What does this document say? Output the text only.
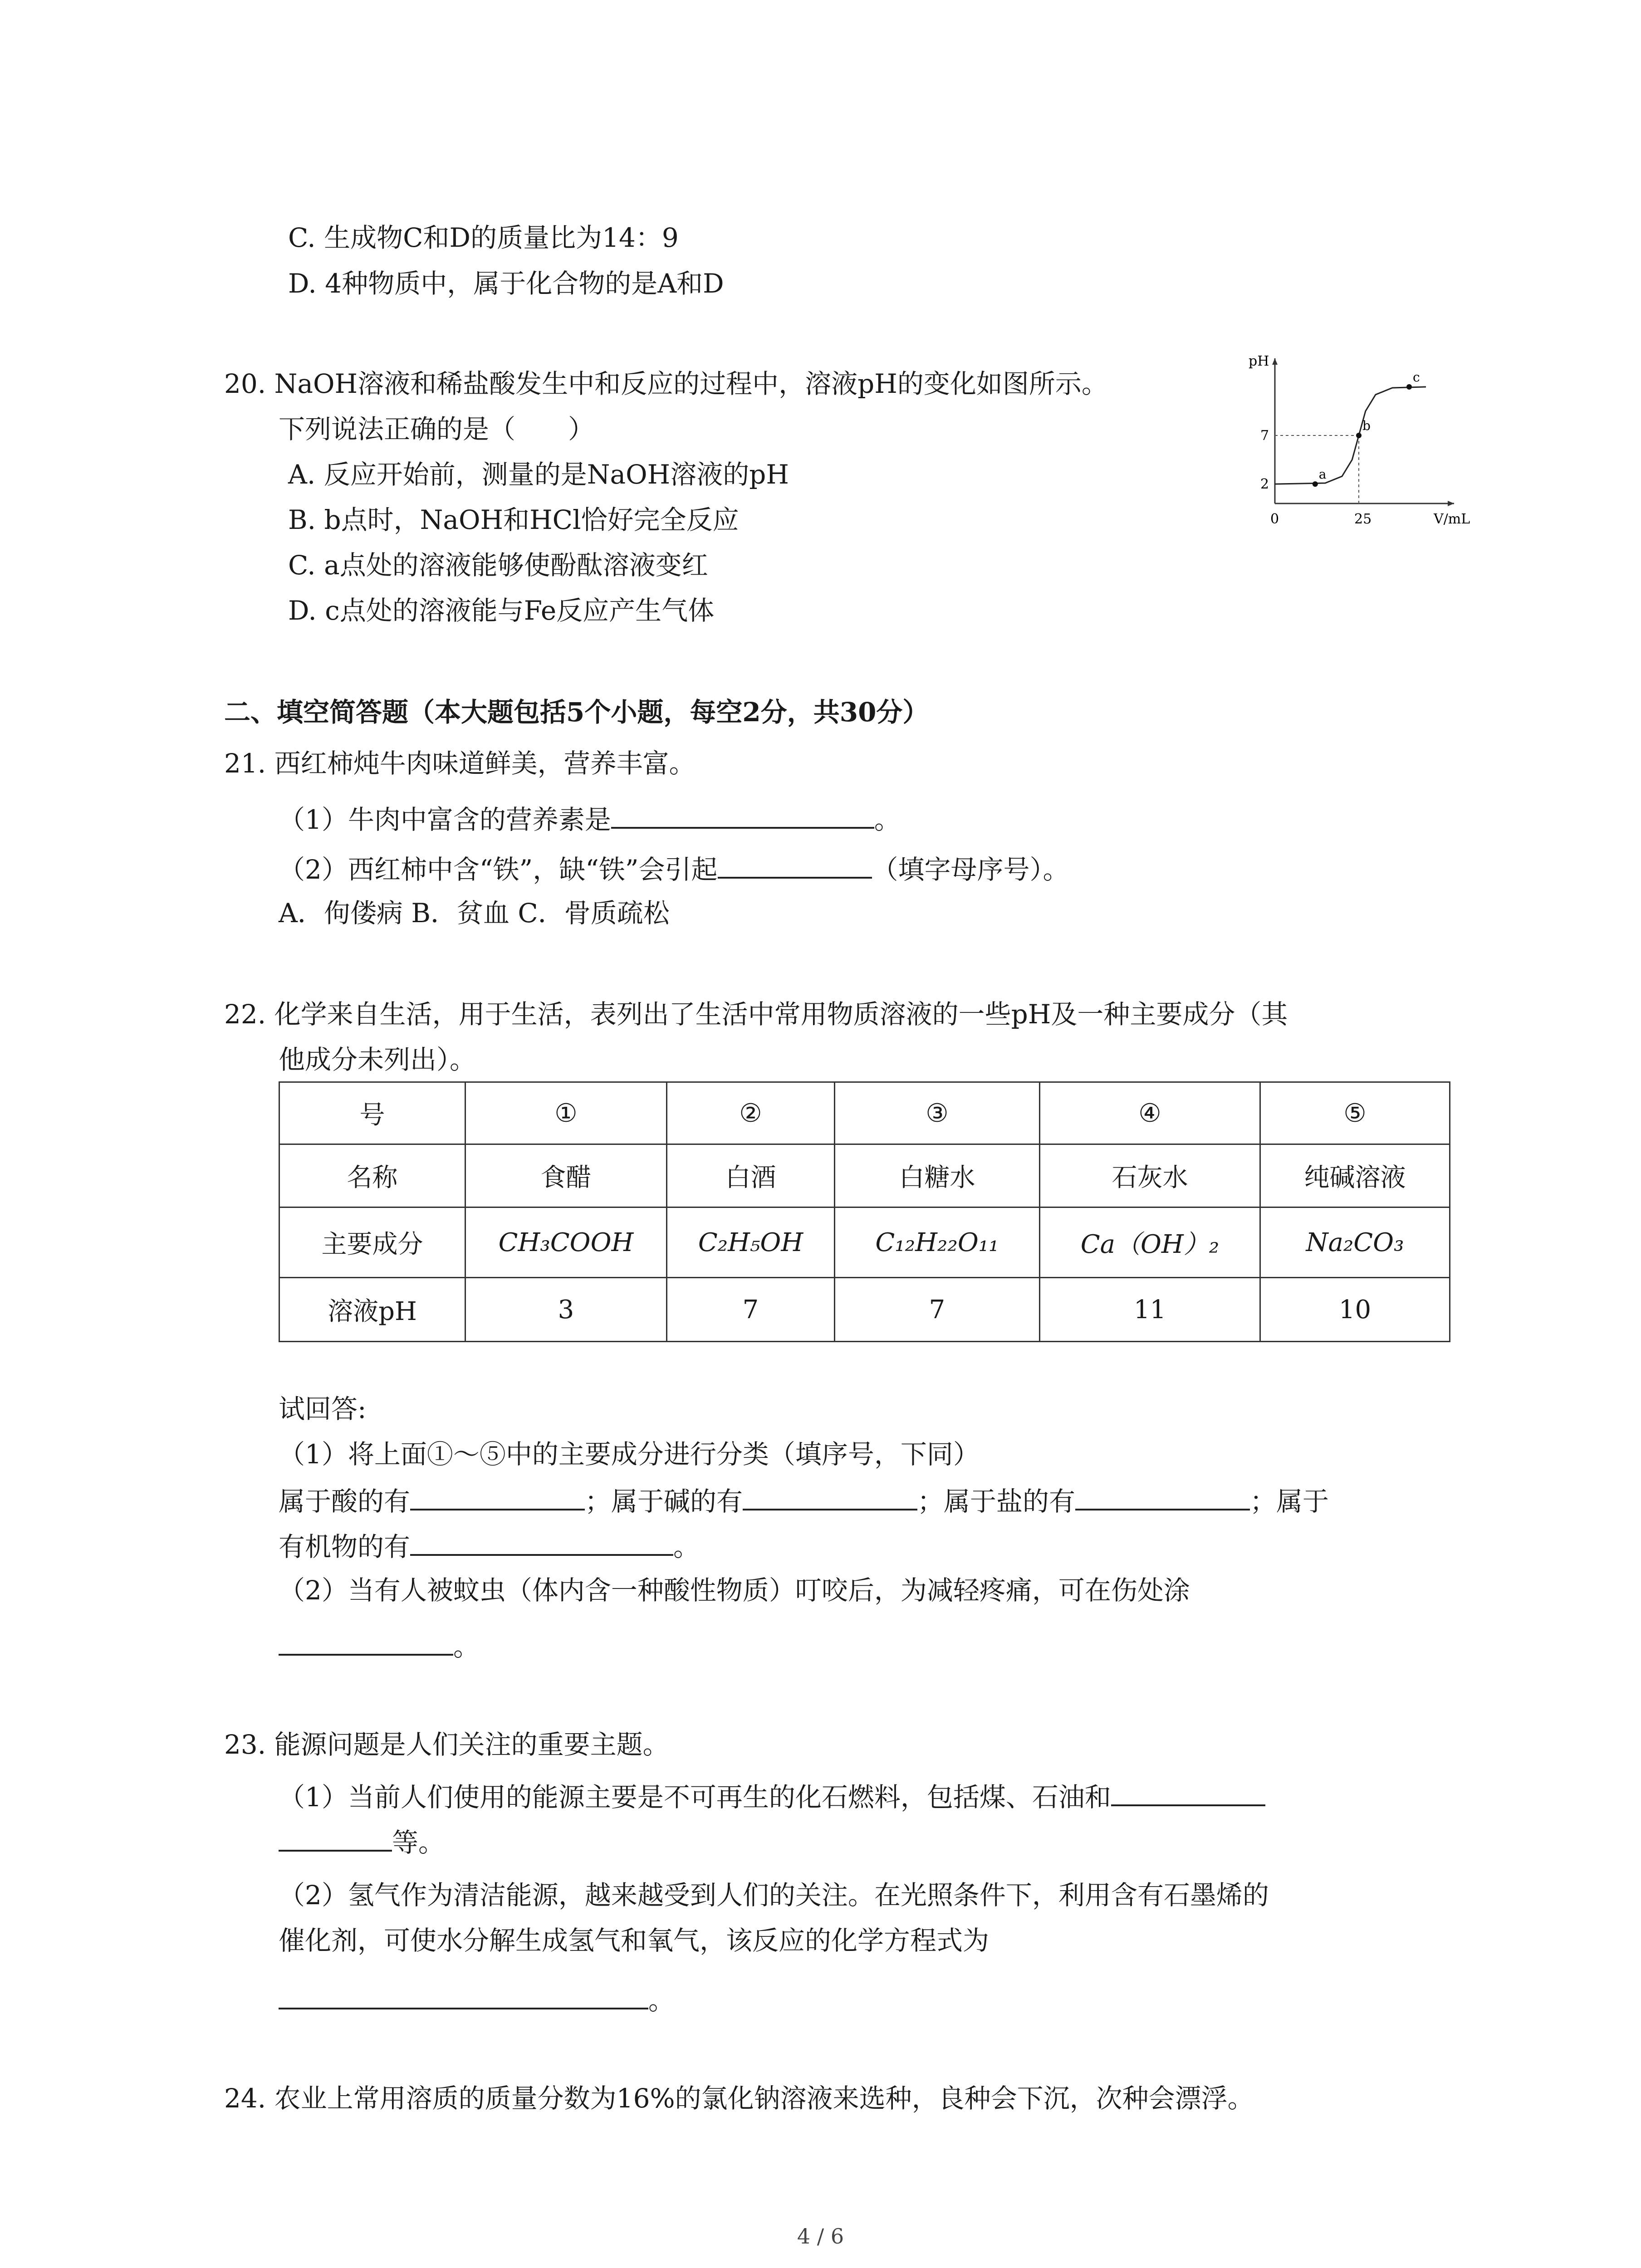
C. 生成物C和D的质量比为14：9
D. 4种物质中，属于化合物的是A和D
20. NaOH溶液和稀盐酸发生中和反应的过程中，溶液pH的变化如图所示。
下列说法正确的是（　　）
A. 反应开始前，测量的是NaOH溶液的pH
B. b点时，NaOH和HCl恰好完全反应
C. a点处的溶液能够使酚酞溶液变红
D. c点处的溶液能与Fe反应产生气体
pH
V/mL
2
7
0	25
a
b
c
二、填空简答题（本大题包括5个小题，每空2分，共30分）
21. 西红柿炖牛肉味道鲜美，营养丰富。
（1）牛肉中富含的营养素是	。
（2）西红柿中含“铁”，缺“铁”会引起	（填字母序号）。
A．佝偻病 B．贫血 C．骨质疏松
22. 化学来自生活，用于生活，表列出了生活中常用物质溶液的一些pH及一种主要成分（其
他成分未列出）。
号	①	②	③	④	⑤
名称	食醋	白酒	白糖水	石灰水	纯碱溶液
主要成分	CH₃COOH	C₂H₅OH	C₁₂H₂₂O₁₁	Ca（OH）₂	Na₂CO₃
溶液pH	3	7	7	11	10
试回答:
（1）将上面①～⑤中的主要成分进行分类（填序号，下同）
属于酸的有	；属于碱的有	；属于盐的有	；属于
有机物的有	。
（2）当有人被蚊虫（体内含一种酸性物质）叮咬后，为减轻疼痛，可在伤处涂
。
23. 能源问题是人们关注的重要主题。
（1）当前人们使用的能源主要是不可再生的化石燃料，包括煤、石油和
等。
（2）氢气作为清洁能源，越来越受到人们的关注。在光照条件下，利用含有石墨烯的
催化剂，可使水分解生成氢气和氧气，该反应的化学方程式为
。
24. 农业上常用溶质的质量分数为16%的氯化钠溶液来选种，良种会下沉，次种会漂浮。
4 / 6
